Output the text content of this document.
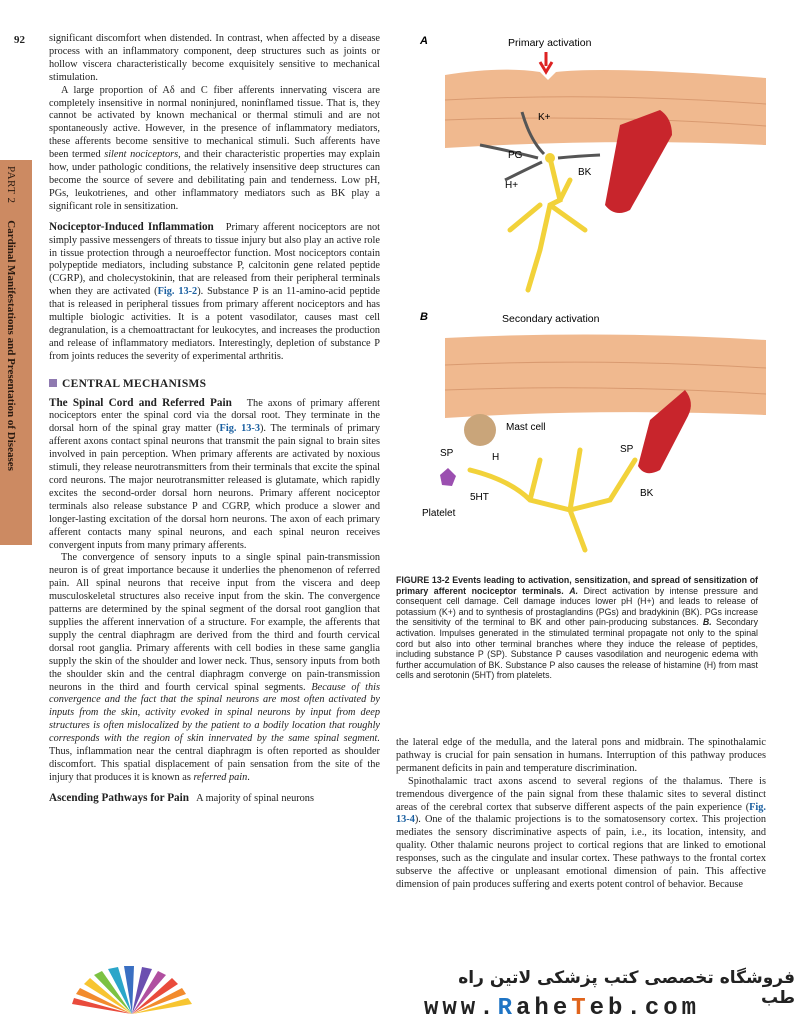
92
PART 2 Cardinal Manifestations and Presentation of Diseases

significant discomfort when distended. In contrast, when affected by a disease process with an inflammatory component, deep structures such as joints or hollow viscera characteristically become exquisitely sensitive to mechanical stimulation.

A large proportion of Aδ and C fiber afferents innervating viscera are completely insensitive in normal noninjured, noninflamed tissue. That is, they cannot be activated by known mechanical or thermal stimuli and are not spontaneously active. However, in the presence of inflammatory mediators, these afferents become sensitive to mechanical stimuli. Such afferents have been termed silent nociceptors, and their characteristic properties may explain how, under pathologic conditions, the relatively insensitive deep structures can become the source of severe and debilitating pain and tenderness. Low pH, PGs, leukotrienes, and other inflammatory mediators such as BK play a significant role in sensitization.

Nociceptor-Induced Inflammation Primary afferent nociceptors are not simply passive messengers of threats to tissue injury but also play an active role in tissue protection through a neuroeffector function. Most nociceptors contain polypeptide mediators, including substance P, calcitonin gene related peptide (CGRP), and cholecystokinin, that are released from their peripheral terminals when they are activated (Fig. 13-2). Substance P is an 11-amino-acid peptide that is released in peripheral tissues from primary afferent nociceptors and has multiple biologic activities. It is a potent vasodilator, causes mast cell degranulation, is a chemoattractant for leukocytes, and increases the production and release of inflammatory mediators. Interestingly, depletion of substance P from joints reduces the severity of experimental arthritis.

CENTRAL MECHANISMS

The Spinal Cord and Referred Pain The axons of primary afferent nociceptors enter the spinal cord via the dorsal root. They terminate in the dorsal horn of the spinal gray matter (Fig. 13-3). The terminals of primary afferent axons contact spinal neurons that transmit the pain signal to brain sites involved in pain perception. When primary afferents are activated by noxious stimuli, they release neurotransmitters from their terminals that excite the spinal cord neurons. The major neurotransmitter released is glutamate, which rapidly excites the second-order dorsal horn neurons. Primary afferent nociceptor terminals also release substance P and CGRP, which produce a slower and longer-lasting excitation of the dorsal horn neurons. The axon of each primary afferent contacts many spinal neurons, and each spinal neuron receives convergent inputs from many primary afferents.

The convergence of sensory inputs to a single spinal pain-transmission neuron is of great importance because it underlies the phenomenon of referred pain. All spinal neurons that receive input from the viscera and deep musculoskeletal structures also receive input from the skin. The convergence patterns are determined by the spinal segment of the dorsal root ganglion that supplies the afferent innervation of a structure. For example, the afferents that supply the central diaphragm are derived from the third and fourth cervical dorsal root ganglia. Primary afferents with cell bodies in these same ganglia supply the skin of the shoulder and lower neck. Thus, sensory inputs from both the shoulder skin and the central diaphragm converge on pain-transmission neurons in the third and fourth cervical spinal segments. Because of this convergence and the fact that the spinal neurons are most often activated by inputs from the skin, activity evoked in spinal neurons by input from deep structures is often mislocalized by the patient to a bodily location that roughly corresponds with the region of skin innervated by the same spinal segment. Thus, inflammation near the central diaphragm is often reported as shoulder discomfort. This spatial displacement of pain sensation from the site of the injury that produces it is known as referred pain.

Ascending Pathways for Pain A majority of spinal neurons

A	Primary activation
K+
PG
BK
H+
B	Secondary activation
Mast cell
Platelet
SP	H
5HT
SP
BK
FIGURE 13-2 Events leading to activation, sensitization, and spread of sensitization of primary afferent nociceptor terminals. A. Direct activation by intense pressure and consequent cell damage. Cell damage induces lower pH (H+) and leads to release of potassium (K+) and to synthesis of prostaglandins (PGs) and bradykinin (BK). PGs increase the sensitivity of the terminal to BK and other pain-producing substances. B. Secondary activation. Impulses generated in the stimulated terminal propagate not only to the spinal cord but also into other terminal branches where they induce the release of peptides, including substance P (SP). Substance P causes vasodilation and neurogenic edema with further accumulation of BK. Substance P also causes the release of histamine (H) from mast cells and serotonin (5HT) from platelets.

the lateral edge of the medulla, and the lateral pons and midbrain. The spinothalamic pathway is crucial for pain sensation in humans. Interruption of this pathway produces permanent deficits in pain and temperature discrimination.

Spinothalamic tract axons ascend to several regions of the thalamus. There is tremendous divergence of the pain signal from these thalamic sites to several distinct areas of the cerebral cortex that subserve different aspects of the pain experience (Fig. 13-4). One of the thalamic projections is to the somatosensory cortex. This projection mediates the sensory discriminative aspects of pain, i.e., its location, intensity, and quality. Other thalamic neurons project to cortical regions that are linked to emotional responses, such as the cingulate and insular cortex. These pathways to the frontal cortex subserve the affective or unpleasant emotional dimension of pain. This affective dimension of pain produces suffering and exerts potent control of behavior. Because

فروشگاه تخصصی کتب پزشکی لاتین راه طب
www.RaheTeb.com
